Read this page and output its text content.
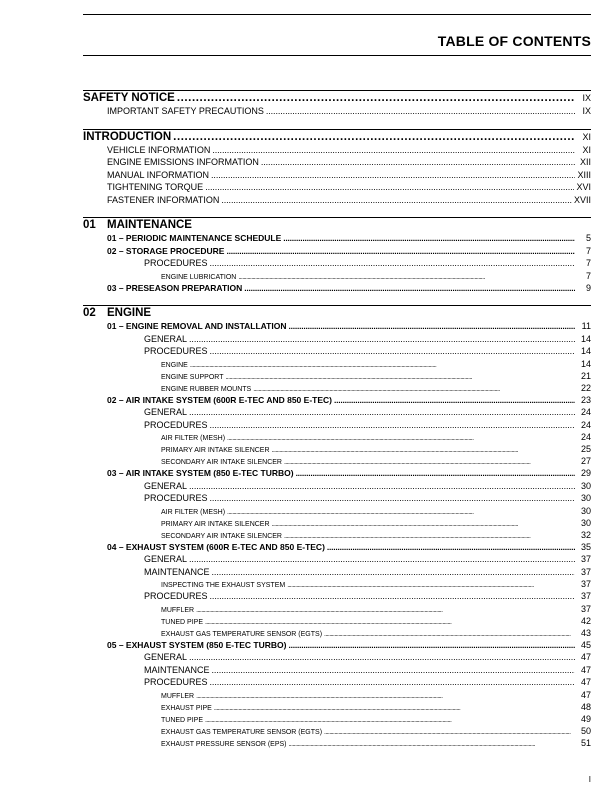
TABLE OF CONTENTS
SAFETY NOTICE . . .	IX
IMPORTANT SAFETY PRECAUTIONS . . .	IX
INTRODUCTION . . .	XI
VEHICLE INFORMATION . . .	XI
ENGINE EMISSIONS INFORMATION . . .	XII
MANUAL INFORMATION . . .	XIII
TIGHTENING TORQUE . . .	XVI
FASTENER INFORMATION . . .	XVII
01 MAINTENANCE
01 – PERIODIC MAINTENANCE SCHEDULE . . .	5
02 – STORAGE PROCEDURE . . .	7
PROCEDURES . . .	7
ENGINE LUBRICATION . . .	7
03 – PRESEASON PREPARATION . . .	9
02 ENGINE
01 – ENGINE REMOVAL AND INSTALLATION . . .	11
GENERAL . . .	14
PROCEDURES . . .	14
ENGINE . . .	14
ENGINE SUPPORT . . .	21
ENGINE RUBBER MOUNTS . . .	22
02 – AIR INTAKE SYSTEM (600R E-TEC AND 850 E-TEC) . . .	23
GENERAL . . .	24
PROCEDURES . . .	24
AIR FILTER (MESH) . . .	24
PRIMARY AIR INTAKE SILENCER . . .	25
SECONDARY AIR INTAKE SILENCER . . .	27
03 – AIR INTAKE SYSTEM (850 E-TEC TURBO) . . .	29
GENERAL . . .	30
PROCEDURES . . .	30
AIR FILTER (MESH) . . .	30
PRIMARY AIR INTAKE SILENCER . . .	30
SECONDARY AIR INTAKE SILENCER . . .	32
04 – EXHAUST SYSTEM (600R E-TEC AND 850 E-TEC) . . .	35
GENERAL . . .	37
MAINTENANCE . . .	37
INSPECTING THE EXHAUST SYSTEM . . .	37
PROCEDURES . . .	37
MUFFLER . . .	37
TUNED PIPE . . .	42
EXHAUST GAS TEMPERATURE SENSOR (EGTS) . . .	43
05 – EXHAUST SYSTEM (850 E-TEC TURBO) . . .	45
GENERAL . . .	47
MAINTENANCE . . .	47
PROCEDURES . . .	47
MUFFLER . . .	47
EXHAUST PIPE . . .	48
TUNED PIPE . . .	49
EXHAUST GAS TEMPERATURE SENSOR (EGTS) . . .	50
EXHAUST PRESSURE SENSOR (EPS) . . .	51
I
